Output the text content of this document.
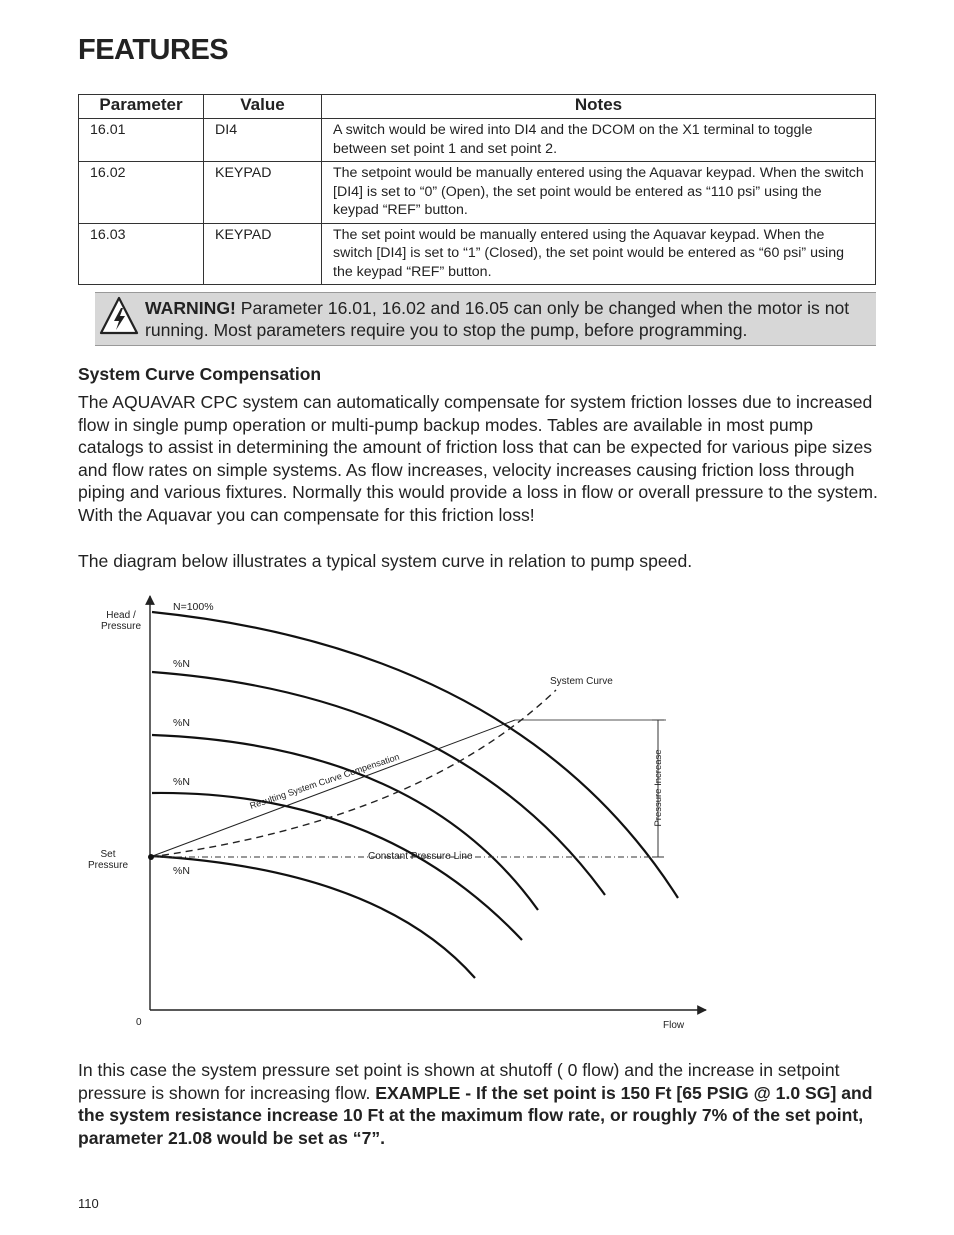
FEATURES
Parameter	Value	Notes
16.01	DI4	A switch would be wired into DI4 and the DCOM on the X1 terminal to toggle between set point 1 and set point 2.
16.02	KEYPAD	The setpoint would be manually entered using the Aquavar keypad. When the switch [DI4] is set to “0” (Open), the set point would be entered as “110 psi” using the keypad “REF” button.
16.03	KEYPAD	The set point would be manually entered using the Aquavar keypad. When the switch [DI4] is set to “1” (Closed), the set point would be entered as “60 psi” using the keypad “REF” button.
WARNING! Parameter 16.01, 16.02 and 16.05 can only be changed when the motor is not running. Most parameters require you to stop the pump, before programming.
System Curve Compensation
The AQUAVAR CPC system can automatically compensate for system friction losses due to increased flow in single pump operation or multi-pump backup modes. Tables are available in most pump catalogs to assist in determining the amount of friction loss that can be expected for various pipe sizes and flow rates on simple systems. As flow increases, velocity increases causing friction loss through piping and various fixtures. Normally this would provide a loss in flow or overall pressure to the system. With the Aquavar you can compensate for this friction loss!
The diagram below illustrates a typical system curve in relation to pump speed.
Head /
Pressure
Set
Pressure
0	Flow
N=100%
%N
%N
%N
%N
System Curve
Resulting System Curve Compensation
Constant Pressure Line
Pressure Increase
In this case the system pressure set point is shown at shutoff ( 0 flow) and the increase in setpoint pressure is shown for increasing flow. EXAMPLE - If the set point is 150 Ft [65 PSIG @ 1.0 SG] and the system resistance increase 10 Ft at the maximum flow rate, or roughly 7% of the set point, parameter 21.08 would be set as “7”.
110
